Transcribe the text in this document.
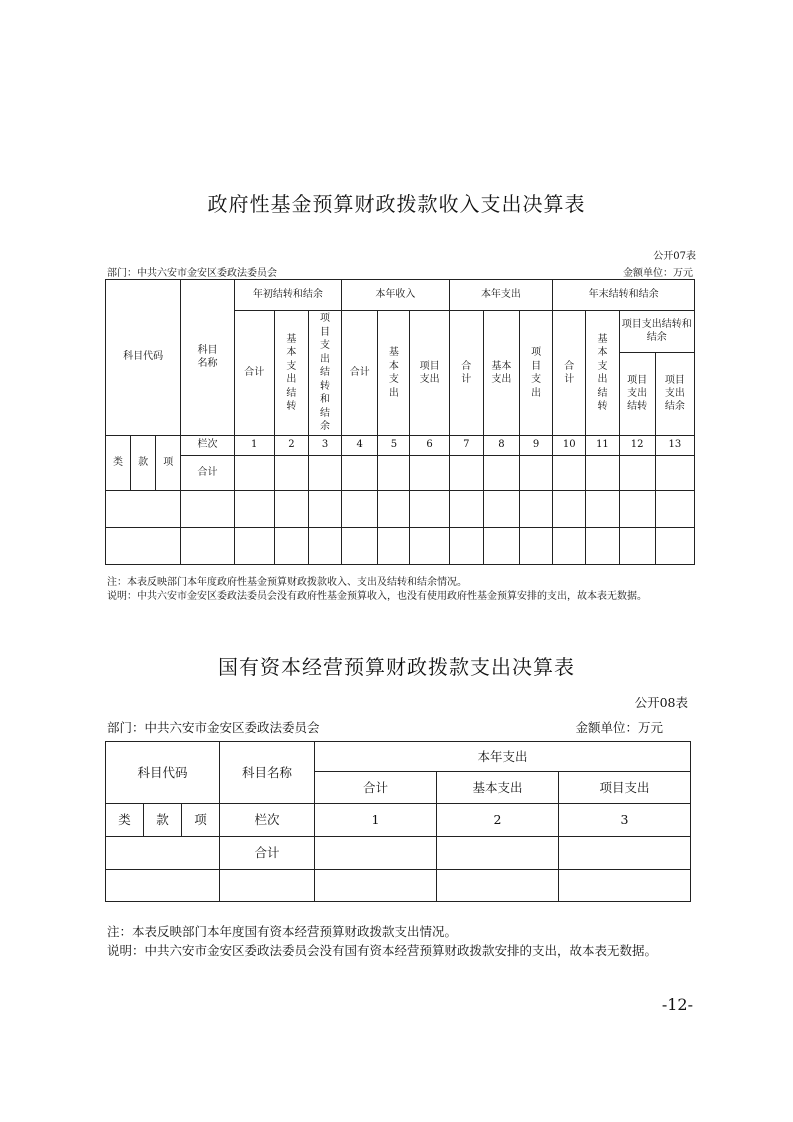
政府性基金预算财政拨款收入支出决算表
公开07表
部门：中共六安市金安区委政法委员会	金额单位：万元
科目代码			科目名称	年初结转和结余			本年收入			本年支出			年末结转和结余			
				合计	基本支出结转	项目支出结转和结余	合计	基本支出	项目支出	合计	基本支出	项目支出	合计	基本支出结转	项目支出结转和结余	
															项目支出结转	项目支出结余
类	款	项	栏次	1	2	3	4	5	6	7	8	9	10	11	12	13
			合计													

注：本表反映部门本年度政府性基金预算财政拨款收入、支出及结转和结余情况。
说明：中共六安市金安区委政法委员会没有政府性基金预算收入，也没有使用政府性基金预算安排的支出，故本表无数据。
国有资本经营预算财政拨款支出决算表
公开08表
部门：中共六安市金安区委政法委员会	金额单位：万元
科目代码			科目名称	本年支出		
				合计	基本支出	项目支出
类	款	项	栏次	1	2	3
			合计			

注：本表反映部门本年度国有资本经营预算财政拨款支出情况。
说明：中共六安市金安区委政法委员会没有国有资本经营预算财政拨款安排的支出，故本表无数据。
-12-
